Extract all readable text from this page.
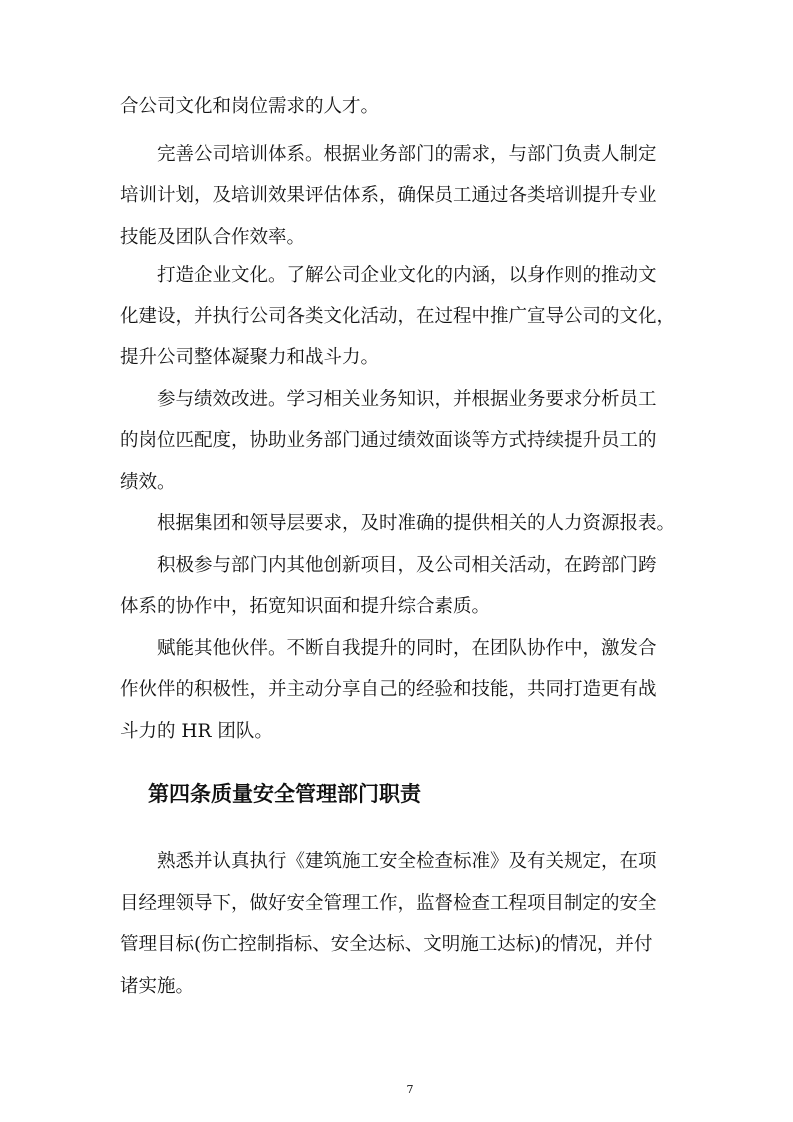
合公司文化和岗位需求的人才。
完善公司培训体系。根据业务部门的需求，与部门负责人制定
培训计划，及培训效果评估体系，确保员工通过各类培训提升专业
技能及团队合作效率。
打造企业文化。了解公司企业文化的内涵，以身作则的推动文
化建设，并执行公司各类文化活动，在过程中推广宣导公司的文化，
提升公司整体凝聚力和战斗力。
参与绩效改进。学习相关业务知识，并根据业务要求分析员工
的岗位匹配度，协助业务部门通过绩效面谈等方式持续提升员工的
绩效。
根据集团和领导层要求，及时准确的提供相关的人力资源报表。
积极参与部门内其他创新项目，及公司相关活动，在跨部门跨
体系的协作中，拓宽知识面和提升综合素质。
赋能其他伙伴。不断自我提升的同时，在团队协作中，激发合
作伙伴的积极性，并主动分享自己的经验和技能，共同打造更有战
斗力的 HR 团队。
第四条质量安全管理部门职责
熟悉并认真执行《建筑施工安全检查标准》及有关规定，在项
目经理领导下，做好安全管理工作，监督检查工程项目制定的安全
管理目标(伤亡控制指标、安全达标、文明施工达标)的情况，并付
诸实施。
7
